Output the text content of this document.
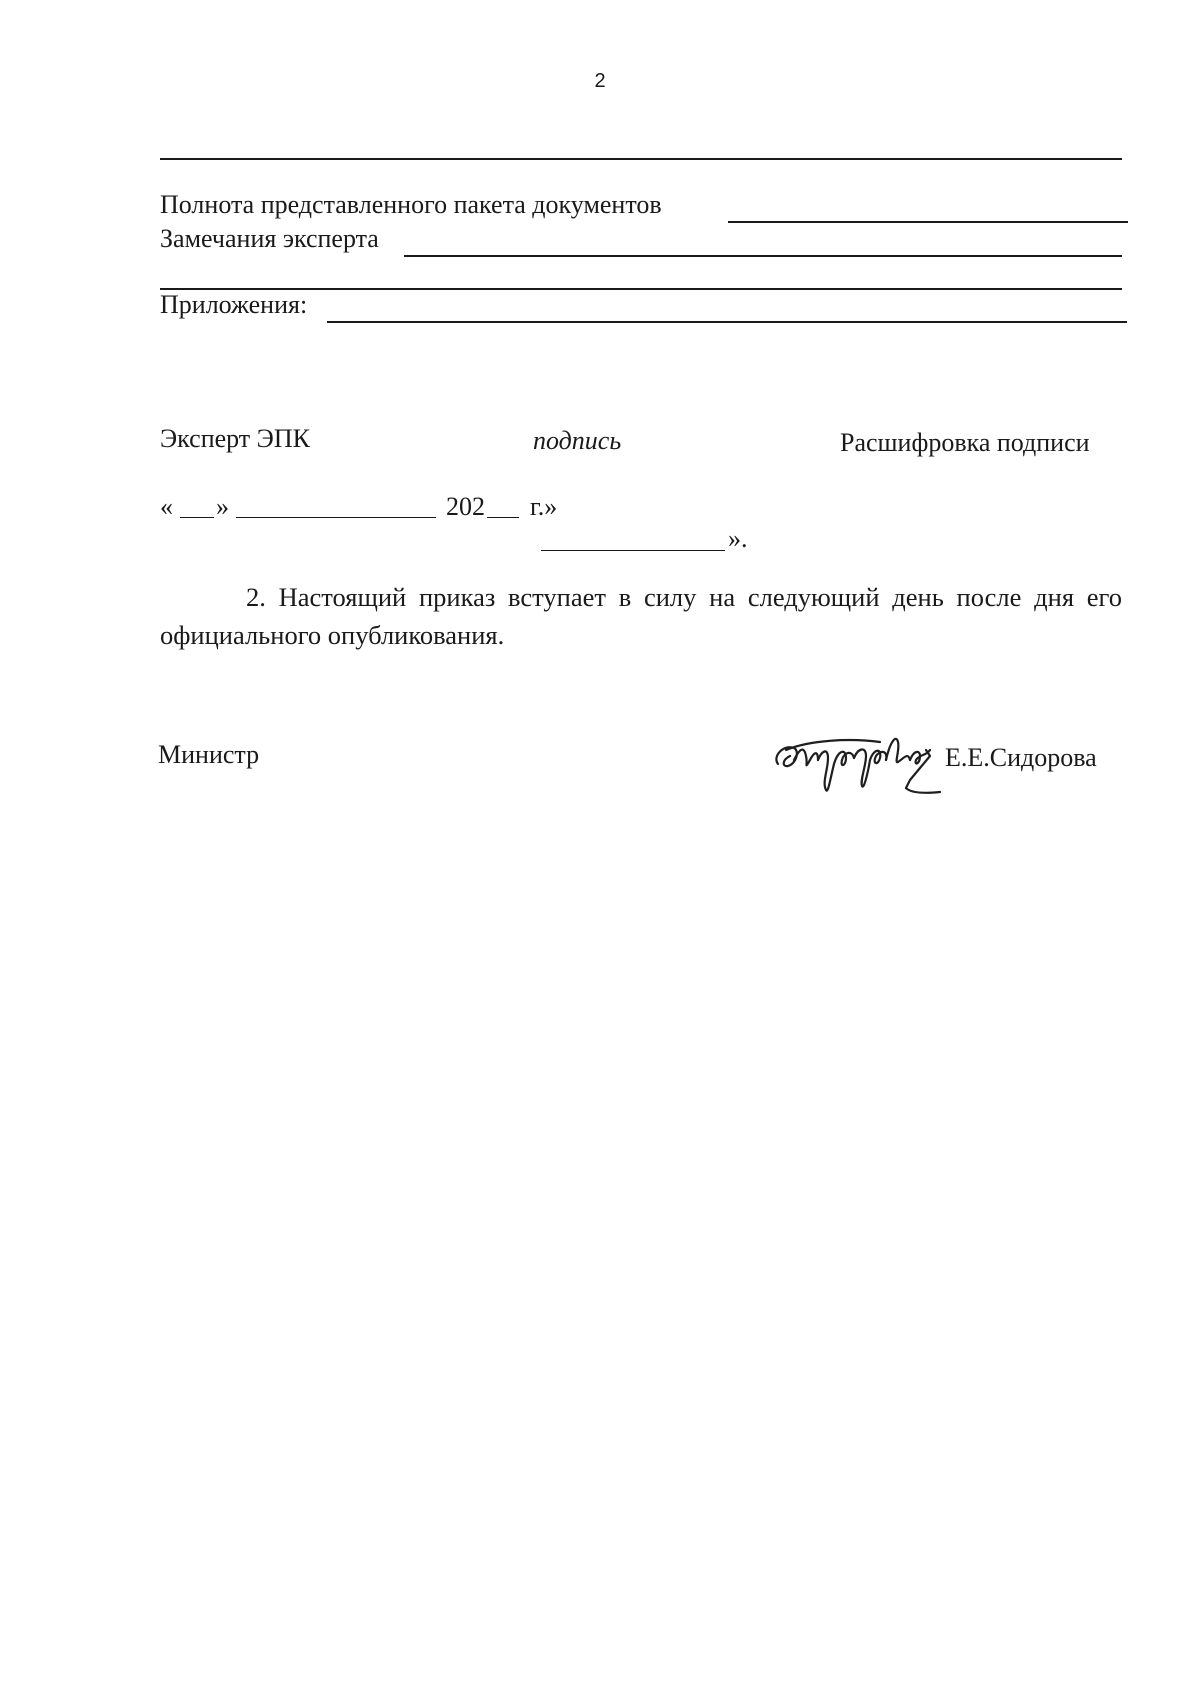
2
Полнота представленного пакета документов
Замечания эксперта
Приложения:
Эксперт ЭПК	подпись	Расшифровка подписи
« »	202 г.»
».
2. Настоящий приказ вступает в силу на следующий день после дня его официального опубликования.
Министр	Е.Е.Сидорова
